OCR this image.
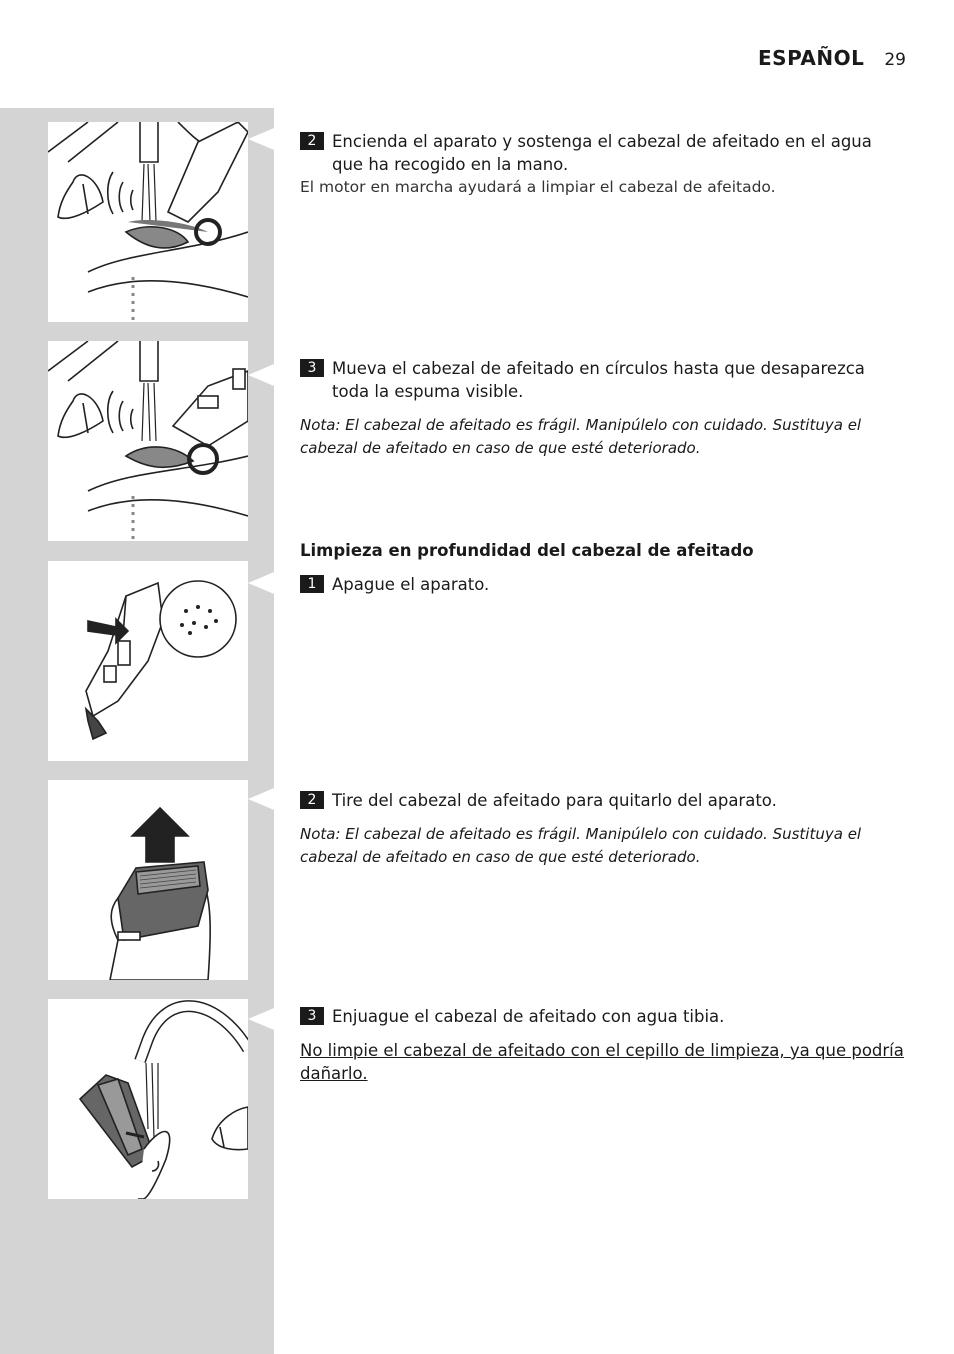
ESPAÑOL 29
2 Encienda el aparato y sostenga el cabezal de afeitado en el agua que ha recogido en la mano.
El motor en marcha ayudará a limpiar el cabezal de afeitado.
3 Mueva el cabezal de afeitado en círculos hasta que desaparezca toda la espuma visible.
Nota: El cabezal de afeitado es frágil. Manipúlelo con cuidado. Sustituya el cabezal de afeitado en caso de que esté deteriorado.
Limpieza en profundidad del cabezal de afeitado
1 Apague el aparato.
2 Tire del cabezal de afeitado para quitarlo del aparato.
Nota: El cabezal de afeitado es frágil. Manipúlelo con cuidado. Sustituya el cabezal de afeitado en caso de que esté deteriorado.
3 Enjuague el cabezal de afeitado con agua tibia.
No limpie el cabezal de afeitado con el cepillo de limpieza, ya que podría dañarlo.
